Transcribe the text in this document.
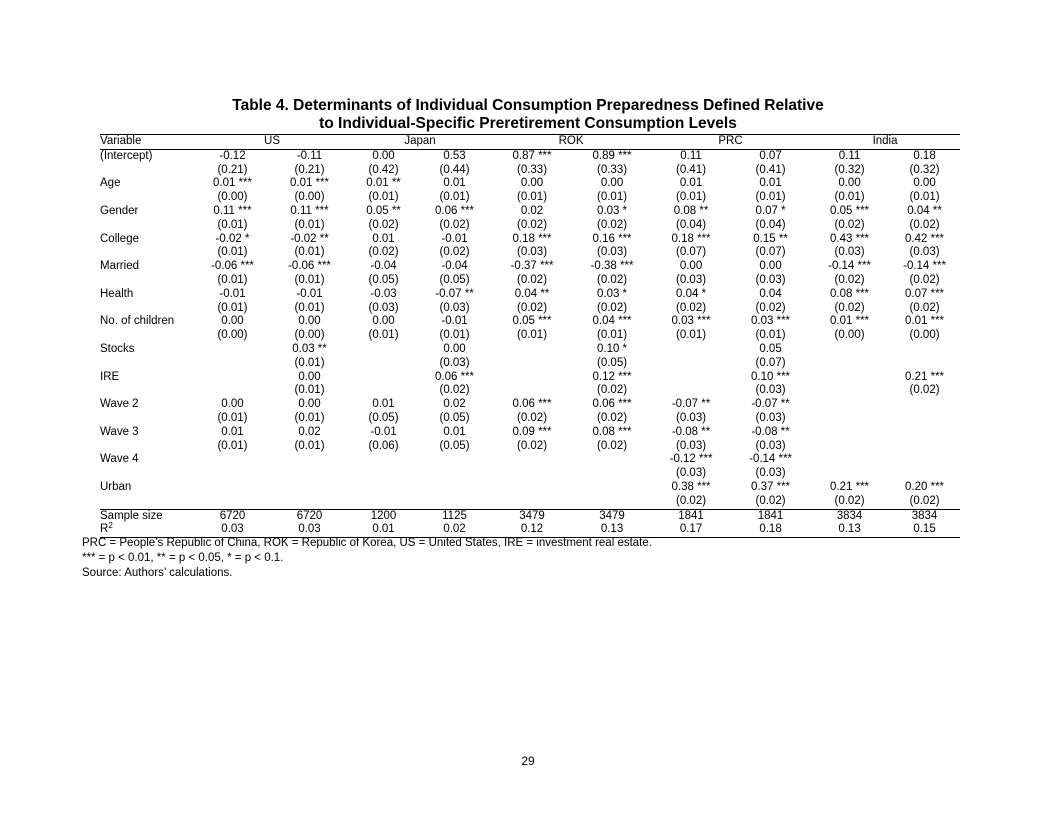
Table 4. Determinants of Individual Consumption Preparedness Defined Relative
to Individual-Specific Preretirement Consumption Levels
Variable	US		Japan		ROK		PRC		India	
(Intercept)	-0.12	-0.11	0.00	0.53	0.87 ***	0.89 ***	0.11	0.07	0.11	0.18
	(0.21)	(0.21)	(0.42)	(0.44)	(0.33)	(0.33)	(0.41)	(0.41)	(0.32)	(0.32)
Age	0.01 ***	0.01 ***	0.01 **	0.01	0.00	0.00	0.01	0.01	0.00	0.00
	(0.00)	(0.00)	(0.01)	(0.01)	(0.01)	(0.01)	(0.01)	(0.01)	(0.01)	(0.01)
Gender	0.11 ***	0.11 ***	0.05 **	0.06 ***	0.02	0.03 *	0.08 **	0.07 *	0.05 ***	0.04 **
	(0.01)	(0.01)	(0.02)	(0.02)	(0.02)	(0.02)	(0.04)	(0.04)	(0.02)	(0.02)
College	-0.02 *	-0.02 **	0.01	-0.01	0.18 ***	0.16 ***	0.18 ***	0.15 **	0.43 ***	0.42 ***
	(0.01)	(0.01)	(0.02)	(0.02)	(0.03)	(0.03)	(0.07)	(0.07)	(0.03)	(0.03)
Married	-0.06 ***	-0.06 ***	-0.04	-0.04	-0.37 ***	-0.38 ***	0.00	0.00	-0.14 ***	-0.14 ***
	(0.01)	(0.01)	(0.05)	(0.05)	(0.02)	(0.02)	(0.03)	(0.03)	(0.02)	(0.02)
Health	-0.01	-0.01	-0.03	-0.07 **	0.04 **	0.03 *	0.04 *	0.04	0.08 ***	0.07 ***
	(0.01)	(0.01)	(0.03)	(0.03)	(0.02)	(0.02)	(0.02)	(0.02)	(0.02)	(0.02)
No. of children	0.00	0.00	0.00	-0.01	0.05 ***	0.04 ***	0.03 ***	0.03 ***	0.01 ***	0.01 ***
	(0.00)	(0.00)	(0.01)	(0.01)	(0.01)	(0.01)	(0.01)	(0.01)	(0.00)	(0.00)
Stocks		0.03 **		0.00		0.10 *		0.05		
		(0.01)		(0.03)		(0.05)		(0.07)		
IRE		0.00		0.06 ***		0.12 ***		0.10 ***		0.21 ***
		(0.01)		(0.02)		(0.02)		(0.03)		(0.02)
Wave 2	0.00	0.00	0.01	0.02	0.06 ***	0.06 ***	-0.07 **	-0.07 **		
	(0.01)	(0.01)	(0.05)	(0.05)	(0.02)	(0.02)	(0.03)	(0.03)		
Wave 3	0.01	0.02	-0.01	0.01	0.09 ***	0.08 ***	-0.08 **	-0.08 **		
	(0.01)	(0.01)	(0.06)	(0.05)	(0.02)	(0.02)	(0.03)	(0.03)		
Wave 4							-0.12 ***	-0.14 ***		
							(0.03)	(0.03)		
Urban							0.38 ***	0.37 ***	0.21 ***	0.20 ***
							(0.02)	(0.02)	(0.02)	(0.02)
Sample size	6720	6720	1200	1125	3479	3479	1841	1841	3834	3834
$R^2$	0.03	0.03	0.01	0.02	0.12	0.13	0.17	0.18	0.13	0.15
PRC = People’s Republic of China, ROK = Republic of Korea, US = United States, IRE = investment real estate.
*** = p < 0.01, ** = p < 0.05, * = p < 0.1.
Source: Authors’ calculations.
29
